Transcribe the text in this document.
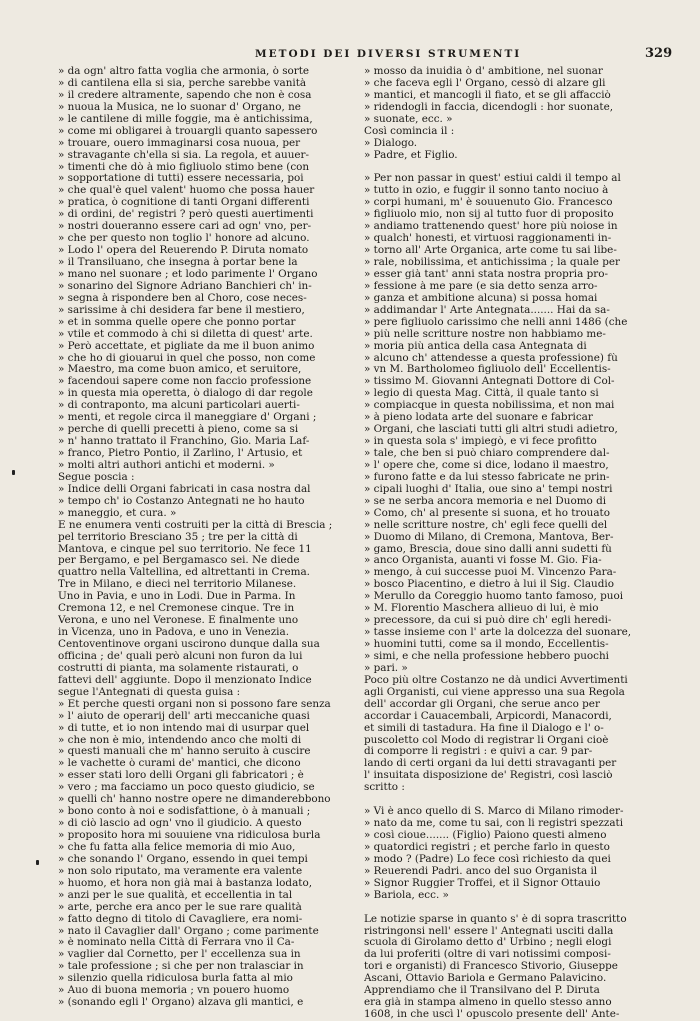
METODI DEI DIVERSI STRUMENTI	329
» da ogn' altro fatta voglia che armonia, ò sorte
» di cantilena ella si sia, perche sarebbe vanità
» il credere altramente, sapendo che non è cosa
» nuoua la Musica, ne lo suonar d' Organo, ne
» le cantilene di mille foggie, ma è antichissima,
» come mi obligarei à trouargli quanto sapessero
» trouare, ouero immaginarsi cosa nuoua, per
» stravagante ch'ella si sia. La regola, et auuer-
» timenti che dò à mio figliuolo stimo bene (con
» sopportatione di tutti) essere necessaria, poi
» che qual'è quel valent' huomo che possa hauer
» pratica, ò cognitione di tanti Organi differenti
» di ordini, de' registri ? però questi auertimenti
» nostri doueranno essere cari ad ogn' vno, per-
» che per questo non toglio l' honore ad alcuno.
» Lodo l' opera del Reuerendo P. Diruta nomato
» il Transiluano, che insegna à portar bene la
» mano nel suonare ; et lodo parimente l' Organo
» sonarino del Signore Adriano Banchieri ch' in-
» segna à rispondere ben al Choro, cose neces-
» sarissime à chi desidera far bene il mestiero,
» et in somma quelle opere che ponno portar
» vtile et commodo à chi si diletta di quest' arte.
» Però accettate, et pigliate da me il buon animo
» che ho di giouarui in quel che posso, non come
» Maestro, ma come buon amico, et seruitore,
» facendoui sapere come non faccio professione
» in questa mia operetta, ò dialogo di dar regole
» di contraponto, ma alcuni particolari auerti-
» menti, et regole circa il maneggiare d' Organi ;
» perche di quelli precetti à pieno, come sa si
» n' hanno trattato il Franchino, Gio. Maria Laf-
» franco, Pietro Pontio, il Zarlino, l' Artusio, et
» molti altri authori antichi et moderni. »
Segue poscia :
» Indice delli Organi fabricati in casa nostra dal
» tempo ch' io Costanzo Antegnati ne ho hauto
» maneggio, et cura. »
E ne enumera venti costruiti per la città di Brescia ;
pel territorio Bresciano 35 ; tre per la città di
Mantova, e cinque pel suo territorio. Ne fece 11
per Bergamo, e pel Bergamasco sei. Ne diede
quattro nella Valtellina, ed altrettanti in Crema.
Tre in Milano, e dieci nel territorio Milanese.
Uno in Pavia, e uno in Lodi. Due in Parma. In
Cremona 12, e nel Cremonese cinque. Tre in
Verona, e uno nel Veronese. E finalmente uno
in Vicenza, uno in Padova, e uno in Venezia.
Centoventinove organi uscirono dunque dalla sua
officina ; de' quali però alcuni non furon da lui
costrutti di pianta, ma solamente ristaurati, o
fattevi dell' aggiunte. Dopo il menzionato Indice
segue l'Antegnati di questa guisa :
» Et perche questi organi non si possono fare senza
» l' aiuto de operarij dell' arti meccaniche quasi
» di tutte, et io non intendo mai di usurpar quel
» che non è mio, intendendo anco che molti di
» questi manuali che m' hanno seruito à cuscire
» le vachette ò curami de' mantici, che dicono
» esser stati loro delli Organi gli fabricatori ; è
» vero ; ma facciamo un poco questo giudicio, se
» quelli ch' hanno nostre opere ne dimanderebbono
» bono conto à noi e sodisfattione, ò à manuali ;
» di ciò lascio ad ogn' vno il giudicio. A questo
» proposito hora mi souuiene vna ridiculosa burla
» che fu fatta alla felice memoria di mio Auo,
» che sonando l' Organo, essendo in quei tempi
» non solo riputato, ma veramente era valente
» huomo, et hora non già mai à bastanza lodato,
» anzi per le sue qualità, et eccellentia in tal
» arte, perche era anco per le sue rare qualità
» fatto degno di titolo di Cavagliere, era nomi-
» nato il Cavaglier dall' Organo ; come parimente
» è nominato nella Città di Ferrara vno il Ca-
» vaglier dal Cornetto, per l' eccellenza sua in
» tale professione ; si che per non tralasciar in
» silenzio quella ridiculosa burla fatta al mio
» Auo di buona memoria ; vn pouero huomo
» (sonando egli l' Organo) alzava gli mantici, e
» mosso da inuidia ò d' ambitione, nel suonar
» che faceva egli l' Organo, cessò di alzare gli
» mantici, et mancogli il fiato, et se gli affacciò
» ridendogli in faccia, dicendogli : hor suonate,
» suonate, ecc. »
Così comincia il :
» Dialogo.
» Padre, et Figlio.
» Per non passar in quest' estiui caldi il tempo al
» tutto in ozio, e fuggir il sonno tanto nociuo à
» corpi humani, m' è souuenuto Gio. Francesco
» figliuolo mio, non sij al tutto fuor di proposito
» andiamo trattenendo quest' hore più noiose in
» qualch' honesti, et virtuosi raggionamenti in-
» torno all' Arte Organica, arte come tu sai libe-
» rale, nobilissima, et antichissima ; la quale per
» esser già tant' anni stata nostra propria pro-
» fessione à me pare (e sia detto senza arro-
» ganza et ambitione alcuna) si possa homai
» addimandar l' Arte Antegnata....... Hai da sa-
» pere figliuolo carissimo che nelli anni 1486 (che
» più nelle scritture nostre non habbiamo me-
» moria più antica della casa Antegnata di
» alcuno ch' attendesse a questa professione) fù
» vn M. Bartholomeo figliuolo dell' Eccellentis-
» tissimo M. Giovanni Antegnati Dottore di Col-
» legio di questa Mag. Città, il quale tanto si
» compiacque in questa nobilissima, et non mai
» à pieno lodata arte del suonare e fabricar
» Organi, che lasciati tutti gli altri studi adietro,
» in questa sola s' impiegò, e vi fece profitto
» tale, che ben si può chiaro comprendere dal-
» l' opere che, come si dice, lodano il maestro,
» furono fatte e da lui stesso fabricate ne prin-
» cipali luoghi d' Italia, oue sino a' tempi nostri
» se ne serba ancora memoria e nel Duomo di
» Como, ch' al presente si suona, et ho trouato
» nelle scritture nostre, ch' egli fece quelli del
» Duomo di Milano, di Cremona, Mantova, Ber-
» gamo, Brescia, doue sino dalli anni sudetti fù
» anco Organista, auanti vi fosse M. Gio. Fia-
» mengo, à cui successe puoi M. Vincenzo Para-
» bosco Piacentino, e dietro à lui il Sig. Claudio
» Merullo da Coreggio huomo tanto famoso, puoi
» M. Florentio Maschera allieuo di lui, è mio
» precessore, da cui si può dire ch' egli heredi-
» tasse insieme con l' arte la dolcezza del suonare,
» huomini tutti, come sa il mondo, Eccellentis-
» simi, e che nella professione hebbero puochi
» pari. »
Poco più oltre Costanzo ne dà undici Avvertimenti
agli Organisti, cui viene appresso una sua Regola
dell' accordar gli Organi, che serue anco per
accordar i Cauacembali, Arpicordi, Manacordi,
et simili di tastadura. Ha fine il Dialogo e l' o-
puscoletto col Modo di registrar li Organi cioè
di comporre li registri : e quivi a car. 9 par-
lando di certi organi da lui detti stravaganti per
l' insuitata disposizione de' Registri, così lasciò
scritto :
» Vi è anco quello di S. Marco di Milano rimoder-
» nato da me, come tu sai, con li registri spezzati
» così cioue....... (Figlio) Paiono questi almeno
» quatordici registri ; et perche farlo in questo
» modo ? (Padre) Lo fece così richiesto da quei
» Reuerendi Padri. anco del suo Organista il
» Signor Ruggier Troffei, et il Signor Ottauio
» Bariola, ecc. »
Le notizie sparse in quanto s' è di sopra trascritto
ristringonsi nell' essere l' Antegnati usciti dalla
scuola di Girolamo detto d' Urbino ; negli elogi
da lui proferiti (oltre di vari notissimi composi-
tori e organisti) di Francesco Stivorio, Giuseppe
Ascani, Ottavio Bariola e Germano Palavicino.
Apprendiamo che il Transilvano del P. Diruta
era già in stampa almeno in quello stesso anno
1608, in che uscì l' opuscolo presente dell' Ante-
